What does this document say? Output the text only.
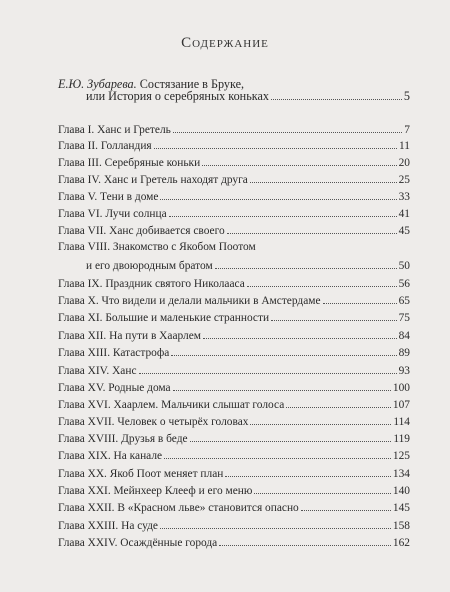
Содержание
Е.Ю. Зубарева. Состязание в Бруке,
или История о серебряных коньках	5
Глава I. Ханс и Гретель	7
Глава II. Голландия	11
Глава III. Серебряные коньки	20
Глава IV. Ханс и Гретель находят друга	25
Глава V. Тени в доме	33
Глава VI. Лучи солнца	41
Глава VII. Ханс добивается своего	45
Глава VIII. Знакомство с Якобом Поотом
и его двоюродным братом	50
Глава IX. Праздник святого Николааса	56
Глава X. Что видели и делали мальчики в Амстердаме	65
Глава XI. Большие и маленькие странности	75
Глава XII. На пути в Хаарлем	84
Глава XIII. Катастрофа	89
Глава XIV. Ханс	93
Глава XV. Родные дома	100
Глава XVI. Хаарлем. Мальчики слышат голоса	107
Глава XVII. Человек о четырёх головах	114
Глава XVIII. Друзья в беде	119
Глава XIX. На канале	125
Глава XX. Якоб Поот меняет план	134
Глава XXI. Мейнхеер Клееф и его меню	140
Глава XXII. В «Красном льве» становится опасно	145
Глава XXIII. На суде	158
Глава XXIV. Осаждённые города	162
